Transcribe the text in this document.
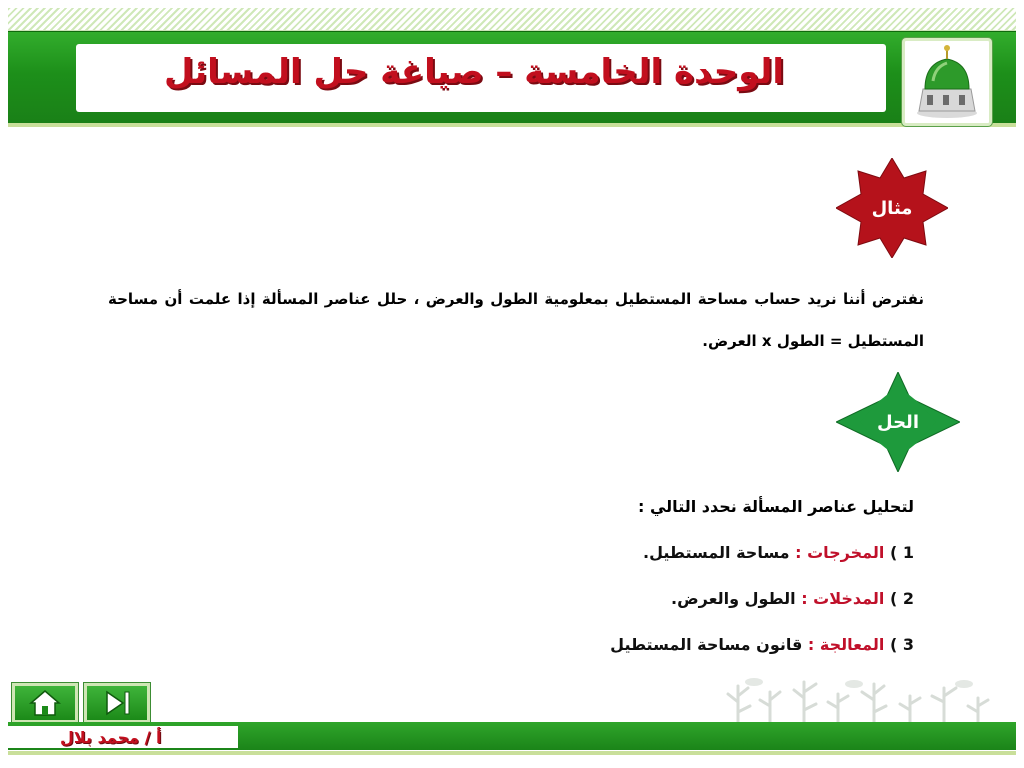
الوحدة الخامسة – صياغة حل المسائل
مثال
نفترض أننا نريد حساب مساحة المستطيل بمعلومية الطول والعرض ، حلل عناصر المسألة إذا علمت أن مساحة المستطيل = الطول x العرض.
الحل
لتحليل عناصر المسألة نحدد التالي :
1 ) المخرجات : مساحة المستطيل.
2 ) المدخلات : الطول والعرض.
3 ) المعالجة : قانون مساحة المستطيل
أ / محمد بلال
